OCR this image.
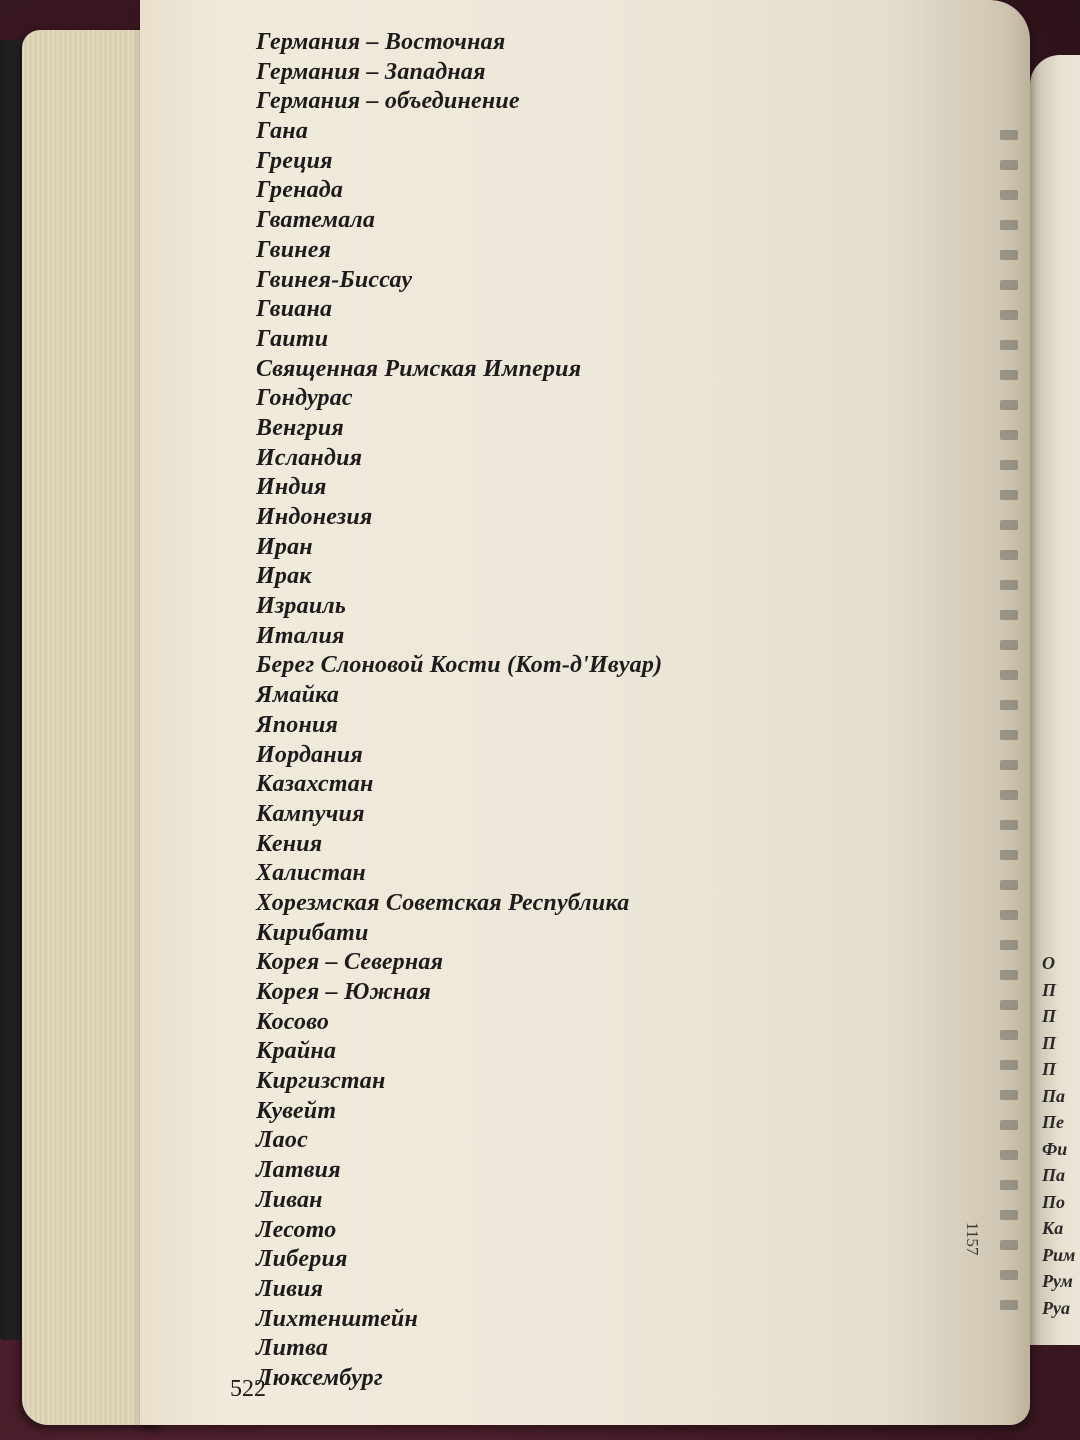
Германия – Восточная
Германия – Западная
Германия – объединение
Гана
Греция
Гренада
Гватемала
Гвинея
Гвинея-Биссау
Гвиана
Гаити
Священная Римская Империя
Гондурас
Венгрия
Исландия
Индия
Индонезия
Иран
Ирак
Израиль
Италия
Берег Слоновой Кости (Кот-д'Ивуар)
Ямайка
Япония
Иордания
Казахстан
Кампучия
Кения
Халистан
Хорезмская Советская Республика
Кирибати
Корея – Северная
Корея – Южная
Косово
Крайна
Киргизстан
Кувейт
Лаос
Латвия
Ливан
Лесото
Либерия
Ливия
Лихтенштейн
Литва
Люксембург
522
1157
О
П
П
П
П
Па
Пе
Фи
Па
По
Ка
Рим
Рум
Руа
